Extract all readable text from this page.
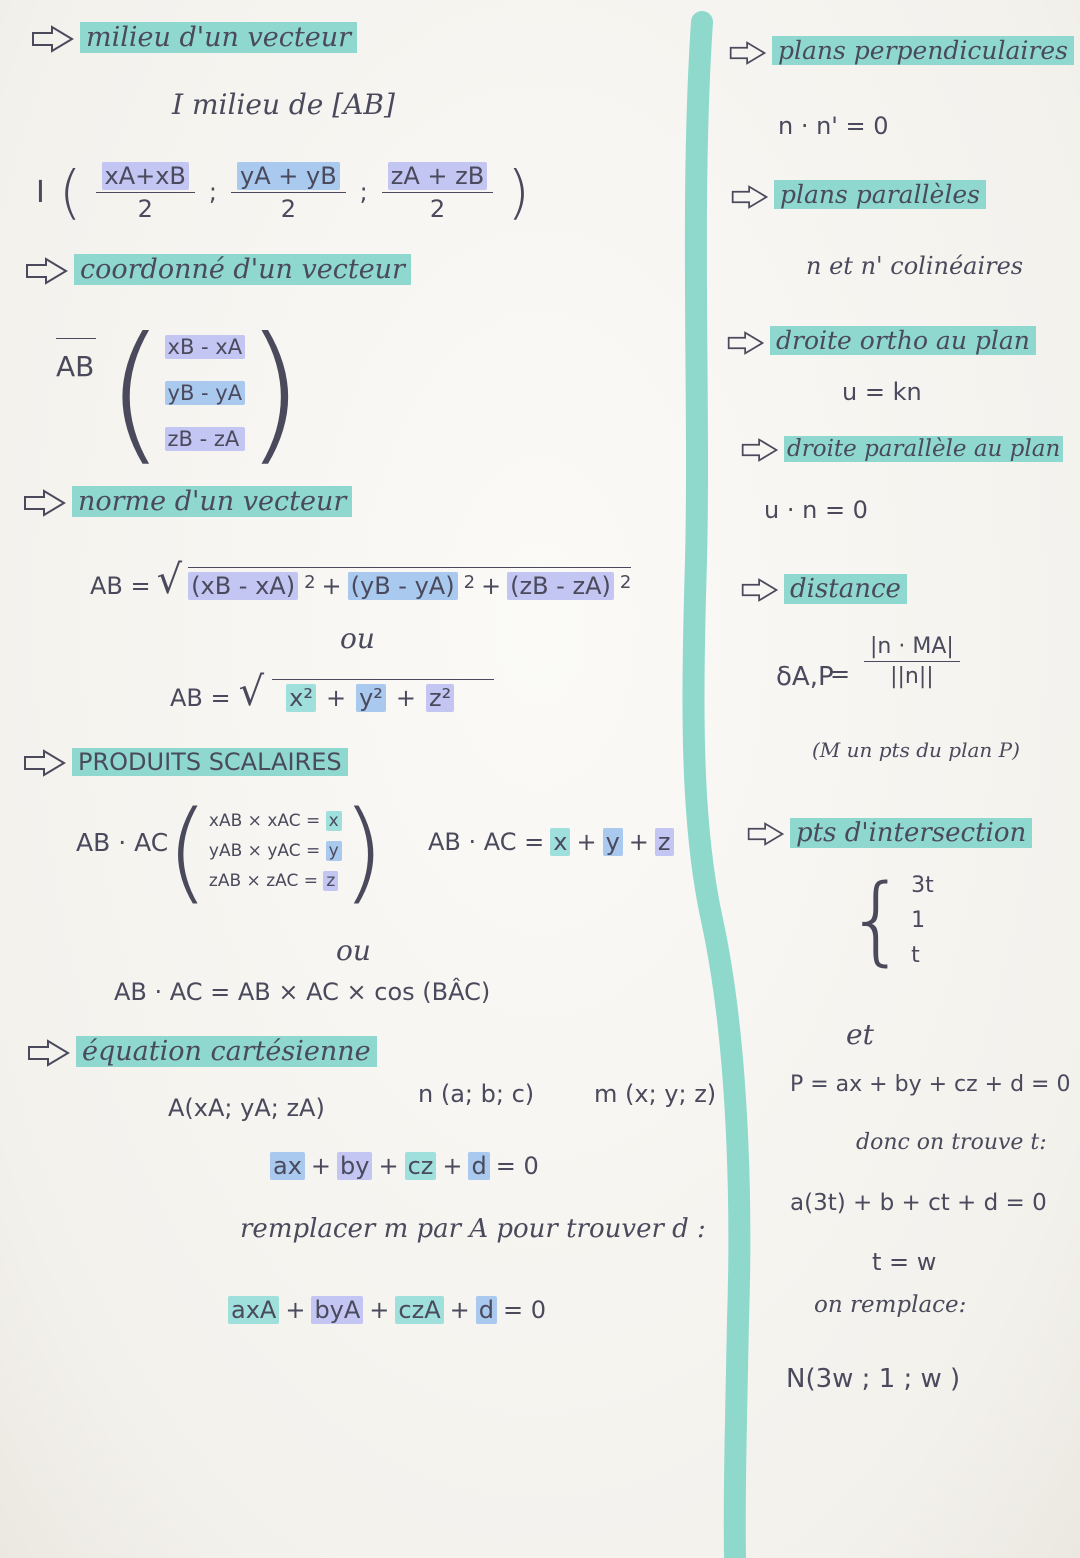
milieu d'un vecteur
I milieu de [AB]
I ( $\frac{xA+xB}{2}$ ; $\frac{yA + yB}{2}$ ; $\frac{zA + zB}{2}$ )
coordonné d'un vecteur
AB ( xB - xA
yB - yA
zB - zA )
norme d'un vecteur
AB = √ (xB - xA) 2 + (yB - yA) 2 + (zB - zA) 2
ou
AB = √ x² + y² + z²
PRODUITS SCALAIRES
AB · AC
( xAB × xAC = x
yAB × yAC = y
zAB × zAC = z ) AB · AC = x + y + z
ou
AB · AC = AB × AC × cos (BÂC)
équation cartésienne
A(xA; yA; zA)	n (a; b; c) m (x; y; z)
ax + by + cz + d = 0
remplacer m par A pour trouver d :
axA + byA + czA + d = 0
plans perpendiculaires
n · n' = 0
plans parallèles
n et n' colinéaires
droite ortho au plan
u = kn
droite parallèle au plan
u · n = 0
distance
δA,P
= $\frac{|n \cdot MA|}{||n||}$
(M un pts du plan P)
pts d'intersection
{ 3t
1
t
et
P = ax + by + cz + d = 0
donc on trouve t:
a(3t) + b + ct + d = 0
t = w
on remplace:
N(3w ; 1 ; w )
